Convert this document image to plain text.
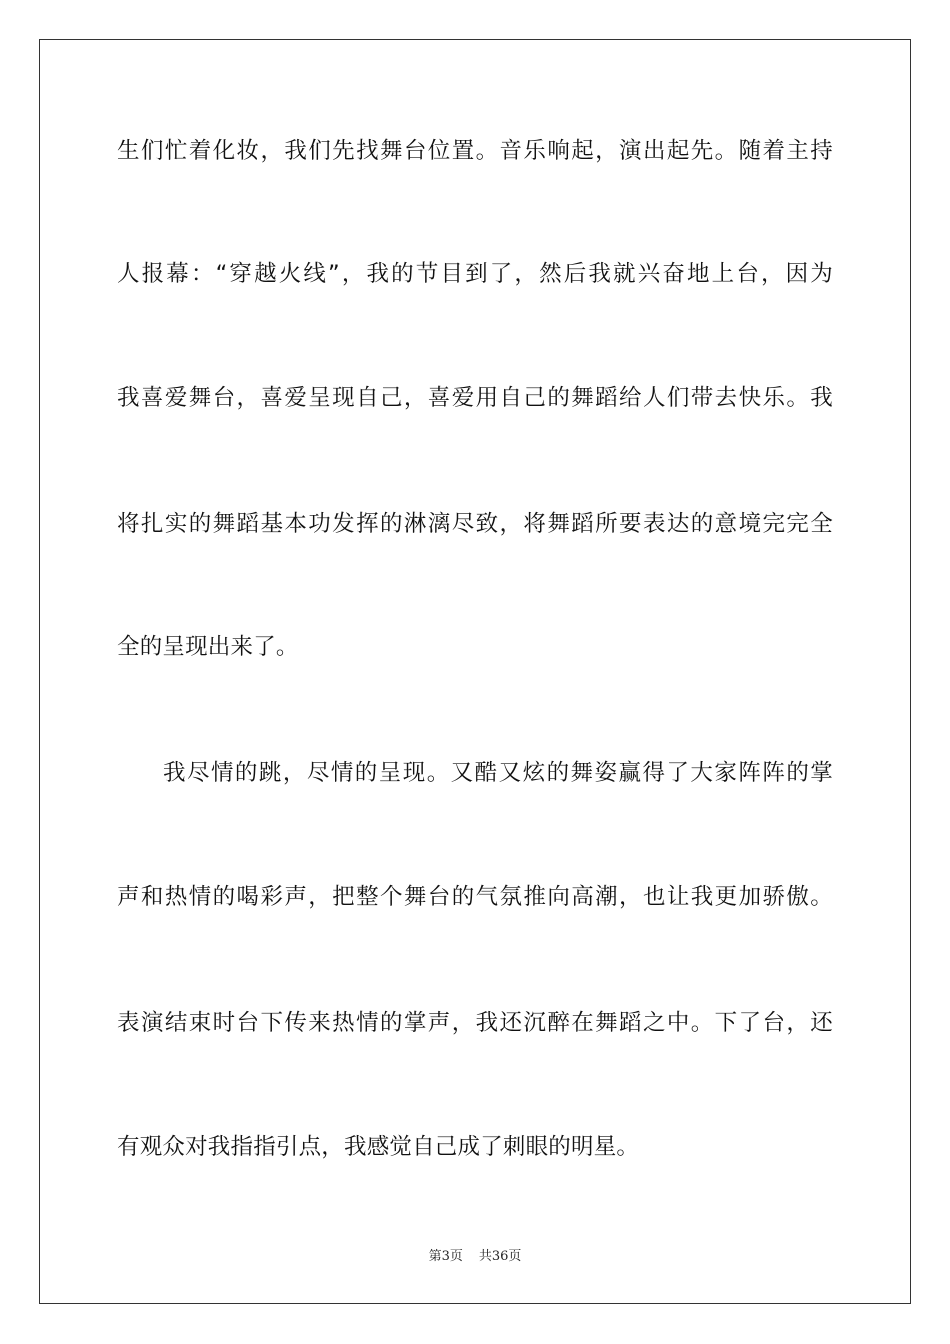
生们忙着化妆，我们先找舞台位置。音乐响起，演出起先。随着主持
人报幕：“穿越火线”，我的节目到了，然后我就兴奋地上台，因为
我喜爱舞台，喜爱呈现自己，喜爱用自己的舞蹈给人们带去快乐。我
将扎实的舞蹈基本功发挥的淋漓尽致，将舞蹈所要表达的意境完完全
全的呈现出来了。
我尽情的跳，尽情的呈现。又酷又炫的舞姿赢得了大家阵阵的掌
声和热情的喝彩声，把整个舞台的气氛推向高潮，也让我更加骄傲。
表演结束时台下传来热情的掌声，我还沉醉在舞蹈之中。下了台，还
有观众对我指指引点，我感觉自己成了刺眼的明星。
第3页 共36页
